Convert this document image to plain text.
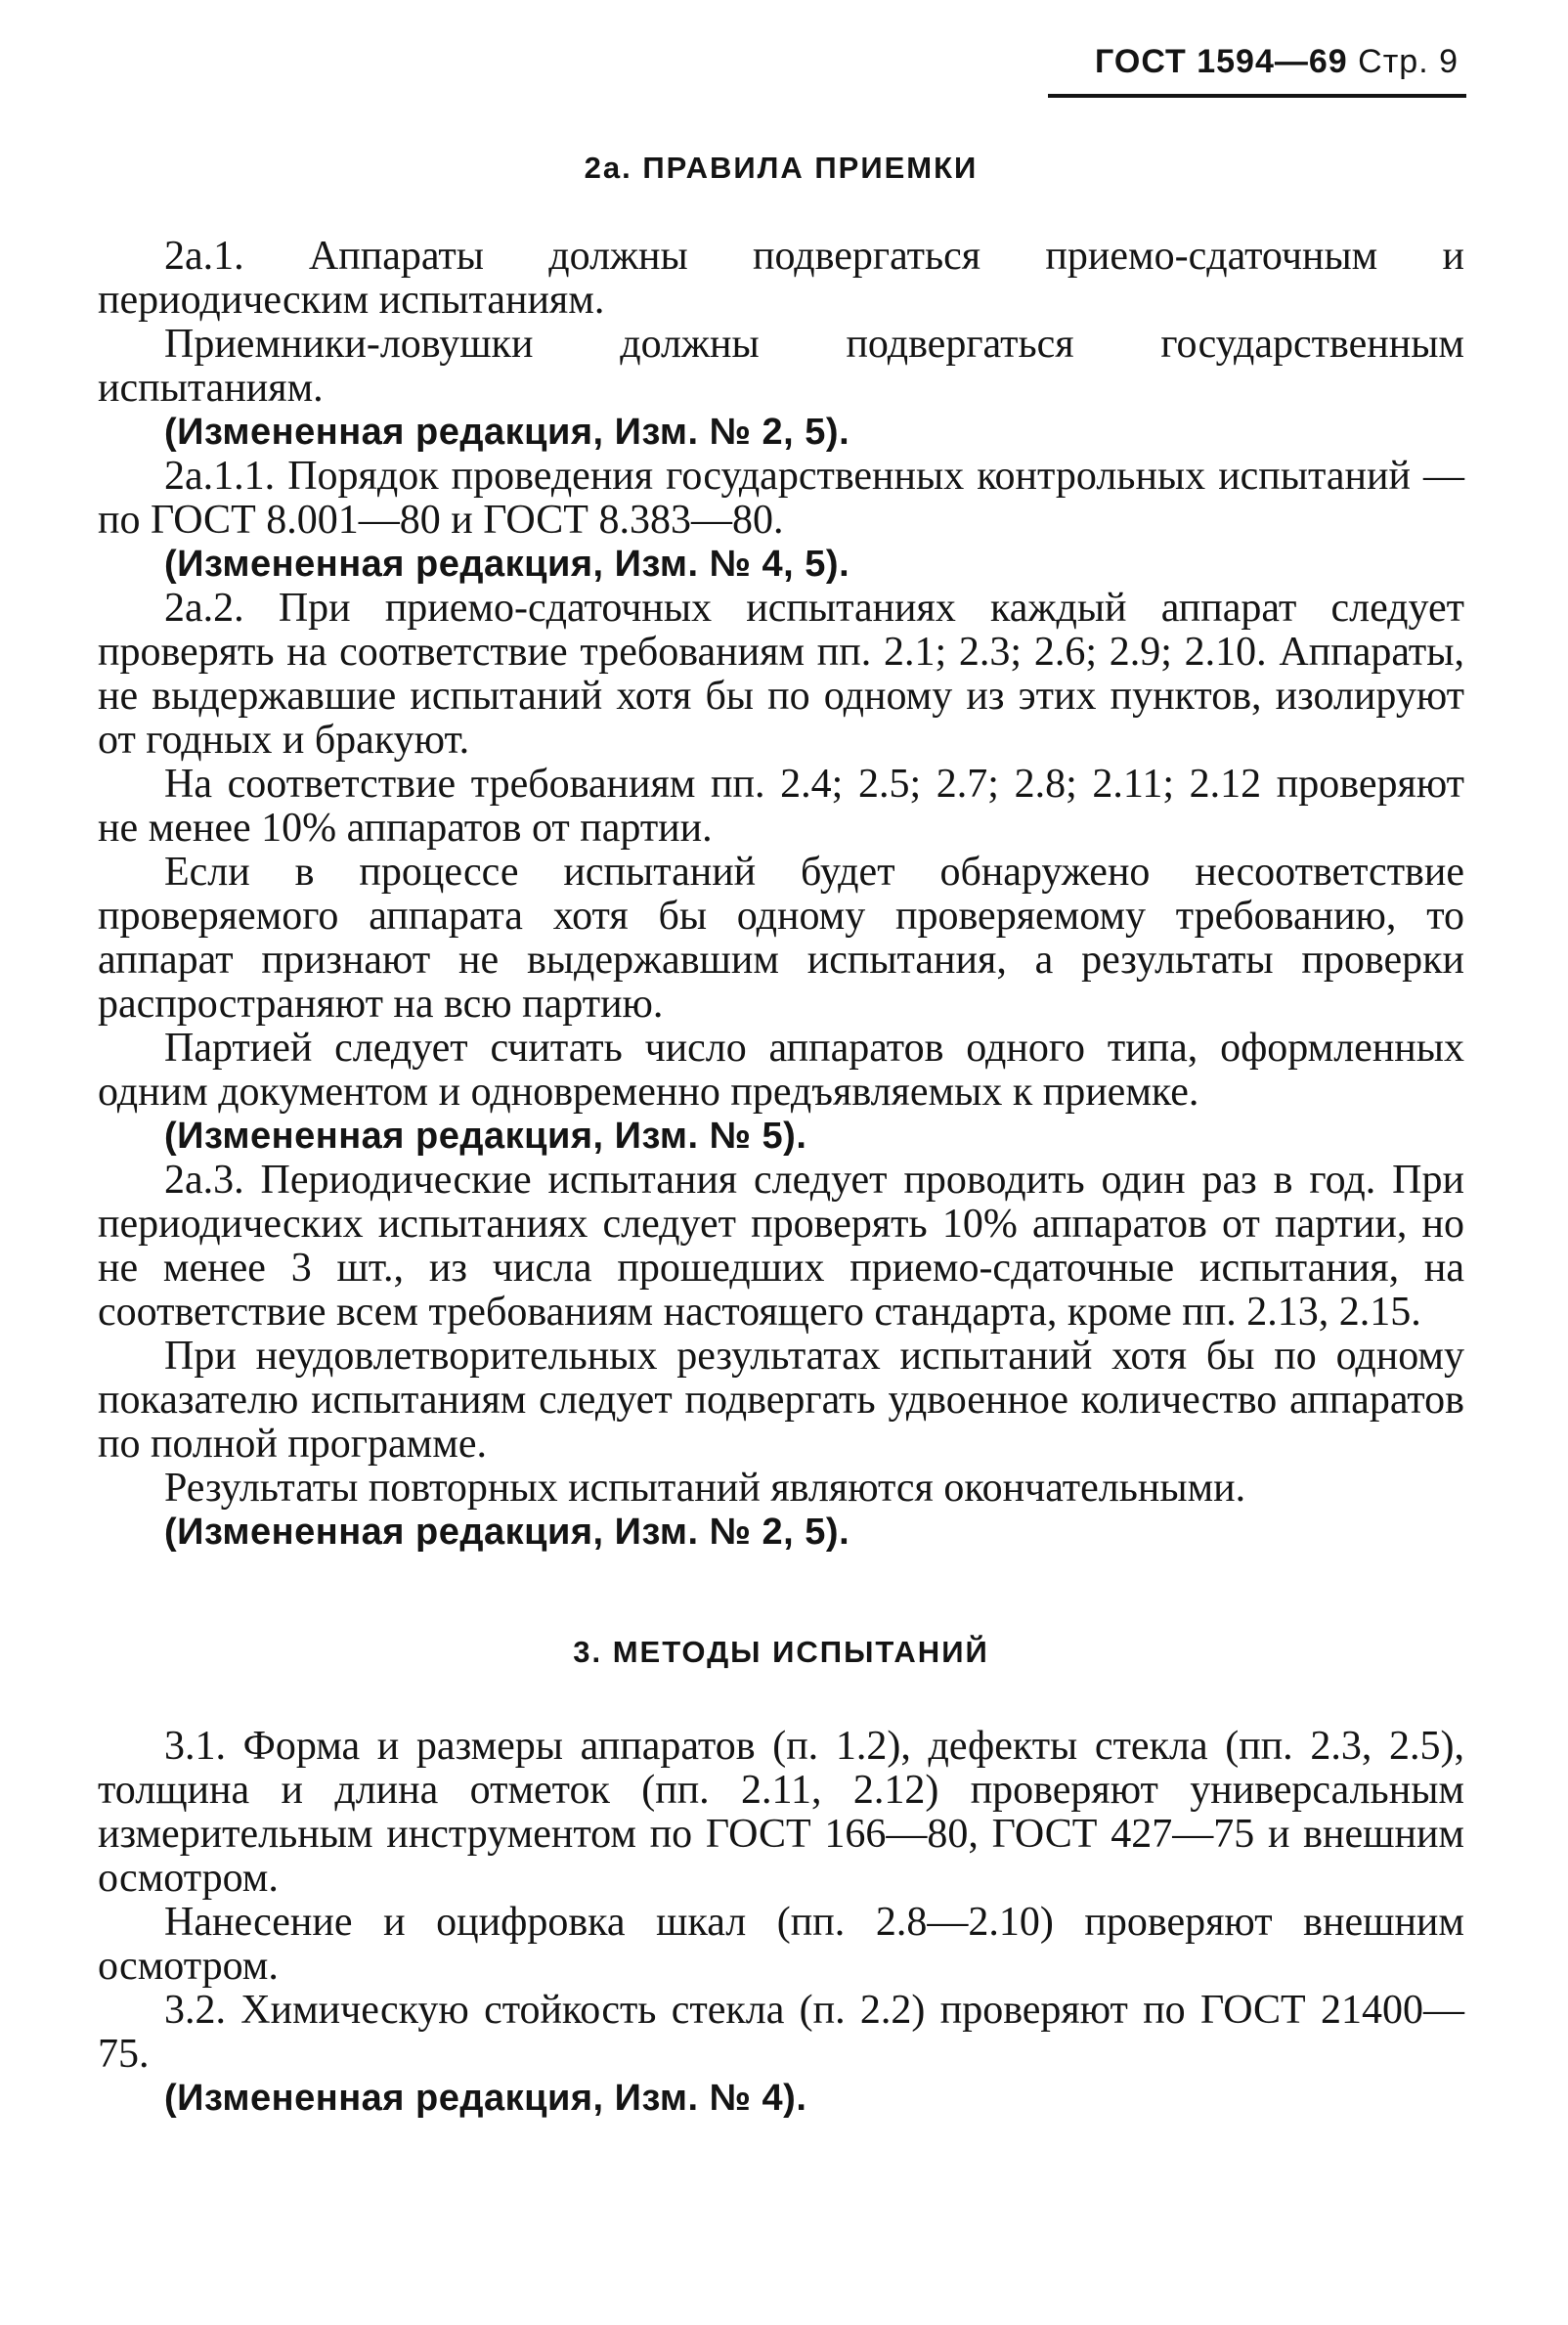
ГОСТ 1594—69 Стр. 9
2а. ПРАВИЛА ПРИЕМКИ

2а.1. Аппараты должны подвергаться приемо-сдаточным и периодическим испытаниям.

Приемники-ловушки должны подвергаться государственным испытаниям.

(Измененная редакция, Изм. № 2, 5).

2а.1.1. Порядок проведения государственных контрольных испытаний — по ГОСТ 8.001—80 и ГОСТ 8.383—80.

(Измененная редакция, Изм. № 4, 5).

2а.2. При приемо-сдаточных испытаниях каждый аппарат следует проверять на соответствие требованиям пп. 2.1; 2.3; 2.6; 2.9; 2.10. Аппараты, не выдержавшие испытаний хотя бы по одному из этих пунктов, изолируют от годных и бракуют.

На соответствие требованиям пп. 2.4; 2.5; 2.7; 2.8; 2.11; 2.12 проверяют не менее 10% аппаратов от партии.

Если в процессе испытаний будет обнаружено несоответствие проверяемого аппарата хотя бы одному проверяемому требованию, то аппарат признают не выдержавшим испытания, а результаты проверки распространяют на всю партию.

Партией следует считать число аппаратов одного типа, оформленных одним документом и одновременно предъявляемых к приемке.

(Измененная редакция, Изм. № 5).

2а.3. Периодические испытания следует проводить один раз в год. При периодических испытаниях следует проверять 10% аппаратов от партии, но не менее 3 шт., из числа прошедших приемо-сдаточные испытания, на соответствие всем требованиям настоящего стандарта, кроме пп. 2.13, 2.15.

При неудовлетворительных результатах испытаний хотя бы по одному показателю испытаниям следует подвергать удвоенное количество аппаратов по полной программе.

Результаты повторных испытаний являются окончательными.

(Измененная редакция, Изм. № 2, 5).

3. МЕТОДЫ ИСПЫТАНИЙ

3.1. Форма и размеры аппаратов (п. 1.2), дефекты стекла (пп. 2.3, 2.5), толщина и длина отметок (пп. 2.11, 2.12) проверяют универсальным измерительным инструментом по ГОСТ 166—80, ГОСТ 427—75 и внешним осмотром.

Нанесение и оцифровка шкал (пп. 2.8—2.10) проверяют внешним осмотром.

3.2. Химическую стойкость стекла (п. 2.2) проверяют по ГОСТ 21400—75.

(Измененная редакция, Изм. № 4).
